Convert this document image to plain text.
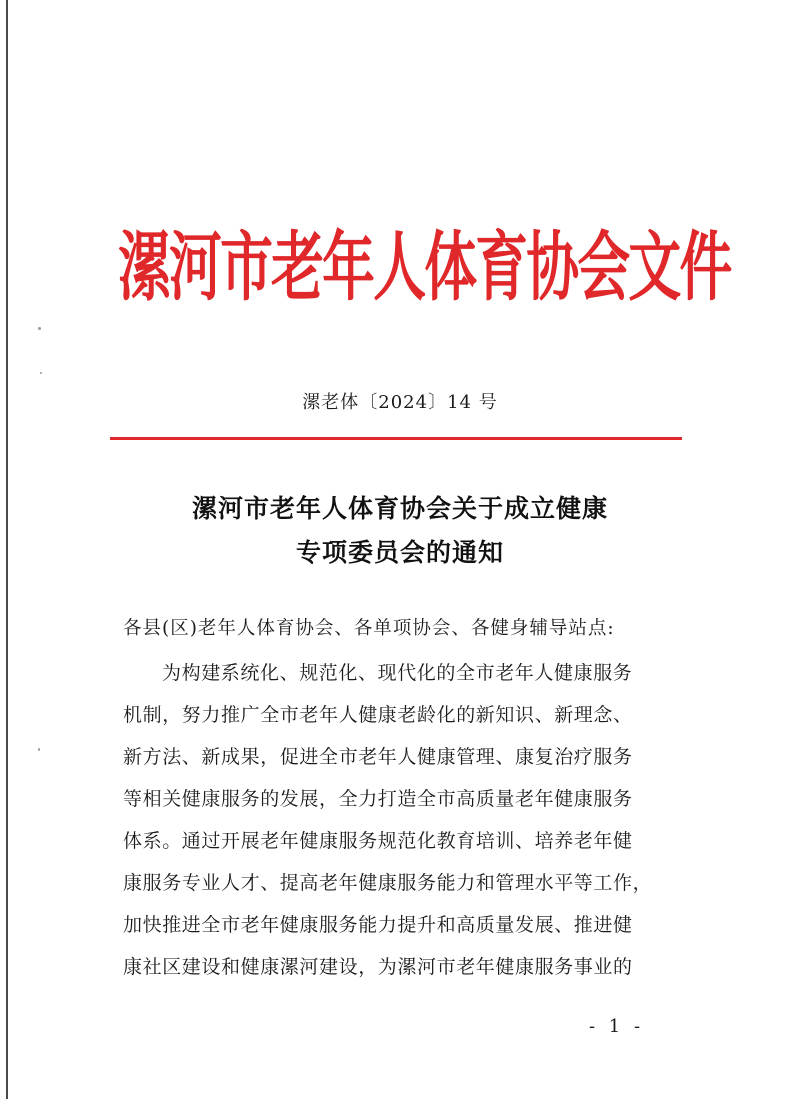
漯河市老年人体育协会文件
漯老体〔2024〕14 号
漯河市老年人体育协会关于成立健康
专项委员会的通知
各县(区)老年人体育协会、各单项协会、各健身辅导站点:
为构建系统化、规范化、现代化的全市老年人健康服务
机制，努力推广全市老年人健康老龄化的新知识、新理念、
新方法、新成果，促进全市老年人健康管理、康复治疗服务
等相关健康服务的发展，全力打造全市高质量老年健康服务
体系。通过开展老年健康服务规范化教育培训、培养老年健
康服务专业人才、提高老年健康服务能力和管理水平等工作，
加快推进全市老年健康服务能力提升和高质量发展、推进健
康社区建设和健康漯河建设，为漯河市老年健康服务事业的
- 1 -
